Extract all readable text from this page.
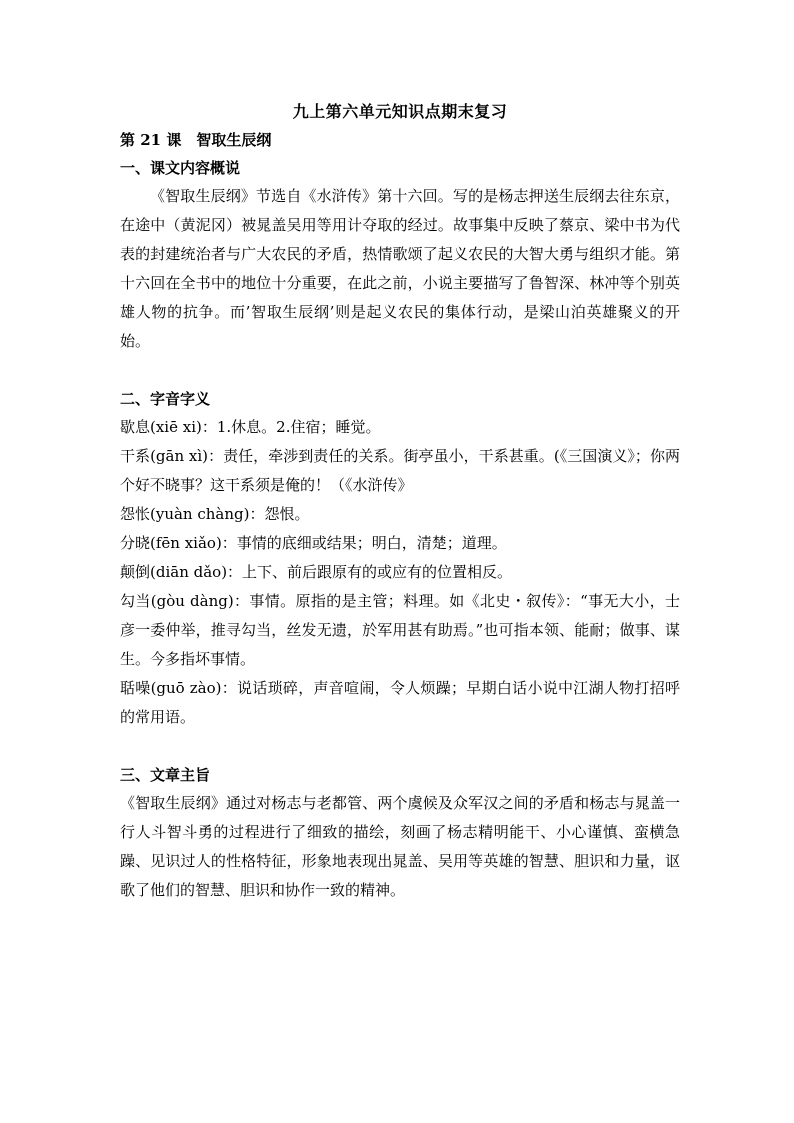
九上第六单元知识点期末复习
第 21 课　智取生辰纲
一、课文内容概说

《智取生辰纲》节选自《水浒传》第十六回。写的是杨志押送生辰纲去往东京，在途中（黄泥冈）被晁盖吴用等用计夺取的经过。故事集中反映了蔡京、梁中书为代表的封建统治者与广大农民的矛盾，热情歌颂了起义农民的大智大勇与组织才能。第十六回在全书中的地位十分重要，在此之前，小说主要描写了鲁智深、林冲等个别英雄人物的抗争。而’智取生辰纲’则是起义农民的集体行动，是梁山泊英雄聚义的开始。

二、字音字义

歇息(xiē xi)：1.休息。2.住宿；睡觉。

干系(gān xì)：责任，牵涉到责任的关系。街亭虽小，干系甚重。(《三国演义》；你两个好不晓事？这干系须是俺的！（《水浒传》

怨怅(yuàn chàng)：怨恨。

分晓(fēn xiǎo)：事情的底细或结果；明白，清楚；道理。

颠倒(diān dǎo)：上下、前后跟原有的或应有的位置相反。

勾当(gòu dàng)：事情。原指的是主管；料理。如《北史・叙传》：“事无大小，士彦一委仲举，推寻勾当，丝发无遗，於军用甚有助焉。”也可指本领、能耐；做事、谋生。今多指坏事情。

聒噪(guō zào)：说话琐碎，声音喧闹，令人烦躁；早期白话小说中江湖人物打招呼的常用语。

三、文章主旨

《智取生辰纲》通过对杨志与老都管、两个虞候及众军汉之间的矛盾和杨志与晁盖一行人斗智斗勇的过程进行了细致的描绘，刻画了杨志精明能干、小心谨慎、蛮横急躁、见识过人的性格特征，形象地表现出晁盖、吴用等英雄的智慧、胆识和力量，讴歌了他们的智慧、胆识和协作一致的精神。
